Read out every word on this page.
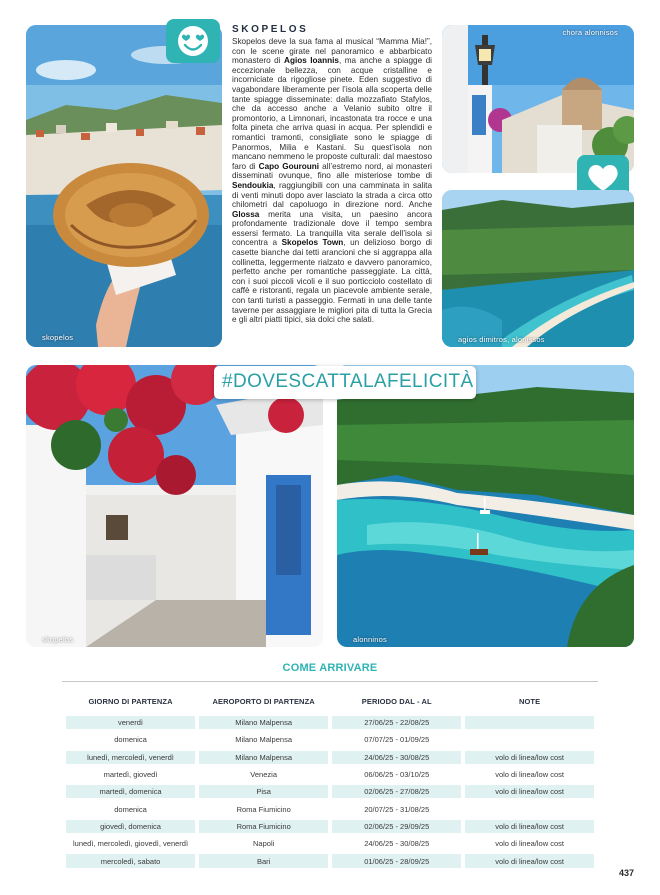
skopelos
SKOPELOS
Skopelos deve la sua fama al musical “Mamma Mia!”, con le scene girate nel panoramico e abbarbicato monastero di Agios Ioannis, ma anche a spiagge di eccezionale bellezza, con acque cristalline e incorniciate da rigogliose pinete. Eden suggestivo di vagabondare liberamente per l’isola alla scoperta delle tante spiagge disseminate: dalla mozzafiato Stafylos, che da accesso anche a Velanio subito oltre il promontorio, a Limnonari, incastonata tra rocce e una folta pineta che arriva quasi in acqua. Per splendidi e romantici tramonti, consigliate sono le spiagge di Panormos, Milia e Kastani. Su quest’isola non mancano nemmeno le proposte culturali: dal maestoso faro di Capo Gourouni all’estremo nord, ai monasteri disseminati ovunque, fino alle misteriose tombe di Sendoukia, raggiungibili con una camminata in salita di venti minuti dopo aver lasciato la strada a circa otto chilometri dal capoluogo in direzione nord. Anche Glossa merita una visita, un paesino ancora profondamente tradizionale dove il tempo sembra essersi fermato. La tranquilla vita serale dell’isola si concentra a Skopelos Town, un delizioso borgo di casette bianche dai tetti arancioni che si aggrappa alla collinetta, leggermente rialzato e davvero panoramico, perfetto anche per romantiche passeggiate. La città, con i suoi piccoli vicoli e il suo porticciolo costellato di caffè e ristoranti, regala un piacevole ambiente serale, con tanti turisti a passeggio. Fermati in una delle tante taverne per assaggiare le migliori pita di tutta la Grecia e gli altri piatti tipici, sia dolci che salati.
chora alonnisos
agios dimitros, alonissos
skopelos	alonninos
#DOVESCATTALAFELICITÀ
COME ARRIVARE
GIORNO DI PARTENZA	AEROPORTO DI PARTENZA	PERIODO DAL - AL	NOTE
venerdì	Milano Malpensa	27/06/25 - 22/08/25	
domenica	Milano Malpensa	07/07/25 - 01/09/25	
lunedì, mercoledì, venerdì	Milano Malpensa	24/06/25 - 30/08/25	volo di linea/low cost
martedì, giovedì	Venezia	06/06/25 - 03/10/25	volo di linea/low cost
martedì, domenica	Pisa	02/06/25 - 27/08/25	volo di linea/low cost
domenica	Roma Fiumicino	20/07/25 - 31/08/25	
giovedì, domenica	Roma Fiumicino	02/06/25 - 29/09/25	volo di linea/low cost
lunedì, mercoledì, giovedì, venerdì	Napoli	24/06/25 - 30/08/25	volo di linea/low cost
mercoledì, sabato	Bari	01/06/25 - 28/09/25	volo di linea/low cost
437
